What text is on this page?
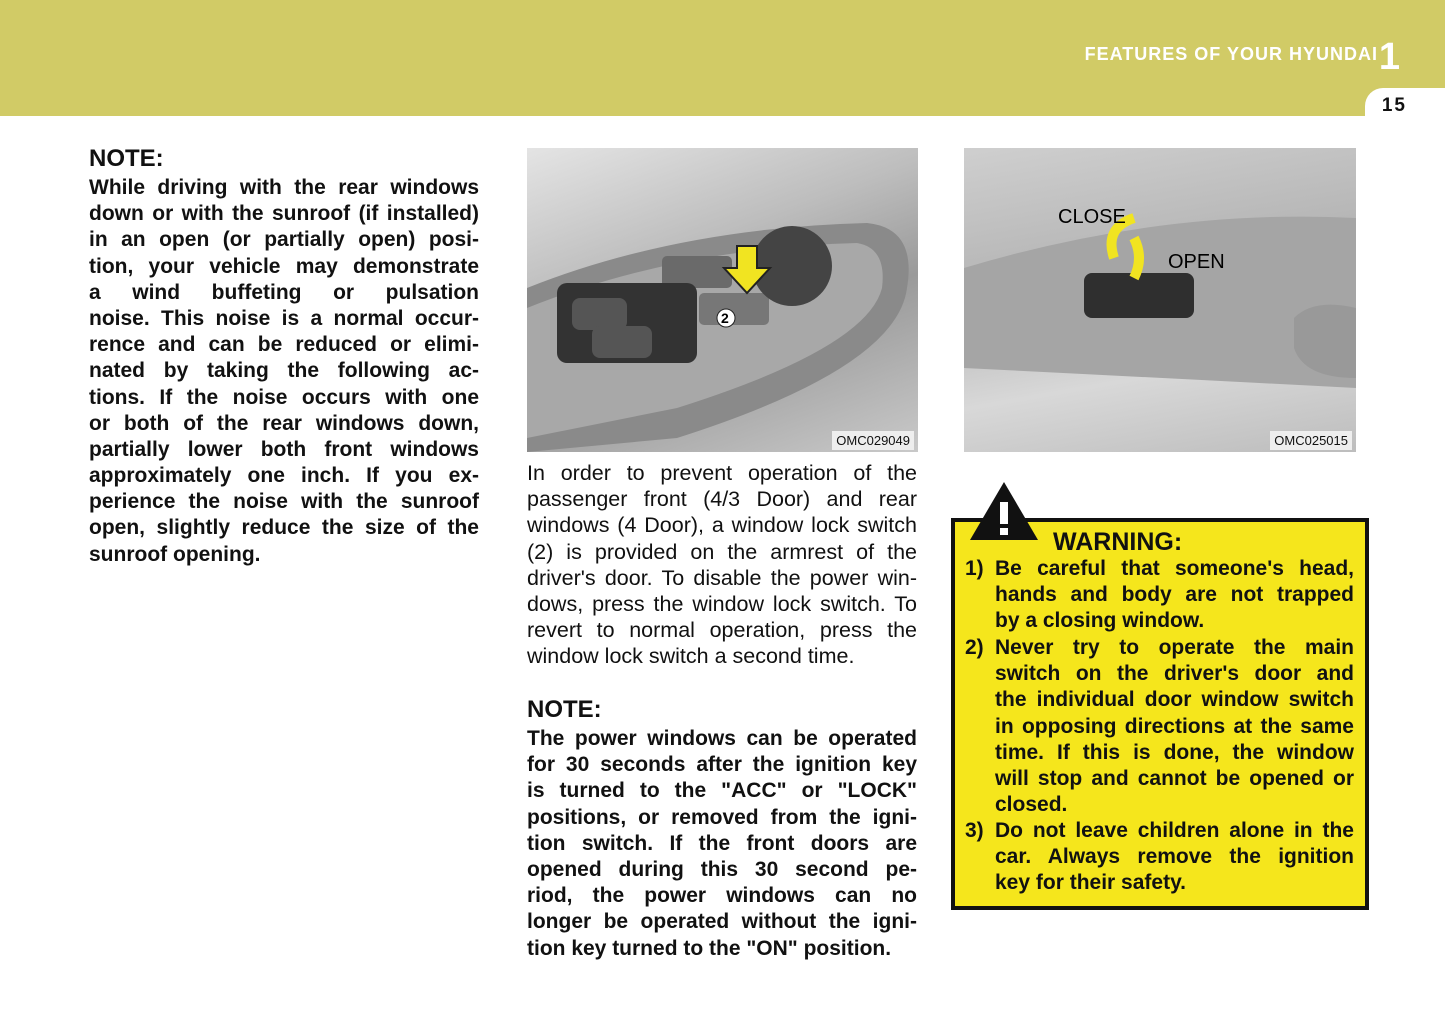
FEATURES OF YOUR HYUNDAI 1
15
NOTE:
While driving with the rear windows
down or with the sunroof (if installed)
in an open (or partially open) posi-
tion, your vehicle may demonstrate
a wind buffeting or pulsation
noise. This noise is a normal occur-
rence and can be reduced or elimi-
nated by taking the following ac-
tions. If the noise occurs with one
or both of the rear windows down,
partially lower both front windows
approximately one inch. If you ex-
perience the noise with the sunroof
open, slightly reduce the size of the
sunroof opening.
2
OMC029049
In order to prevent operation of the
passenger front (4/3 Door) and rear
windows (4 Door), a window lock switch
(2) is provided on the armrest of the
driver's door. To disable the power win-
dows, press the window lock switch. To
revert to normal operation, press the
window lock switch a second time.
NOTE:
The power windows can be operated
for 30 seconds after the ignition key
is turned to the "ACC" or "LOCK"
positions, or removed from the igni-
tion switch. If the front doors are
opened during this 30 second pe-
riod, the power windows can no
longer be operated without the igni-
tion key turned to the "ON" position.
CLOSE
OPEN
OMC025015
WARNING:
1) Be careful that someone's head,
hands and body are not trapped
by a closing window.
2) Never try to operate the main
switch on the driver's door and
the individual door window switch
in opposing directions at the same
time. If this is done, the window
will stop and cannot be opened or
closed.
3) Do not leave children alone in the
car. Always remove the ignition
key for their safety.
